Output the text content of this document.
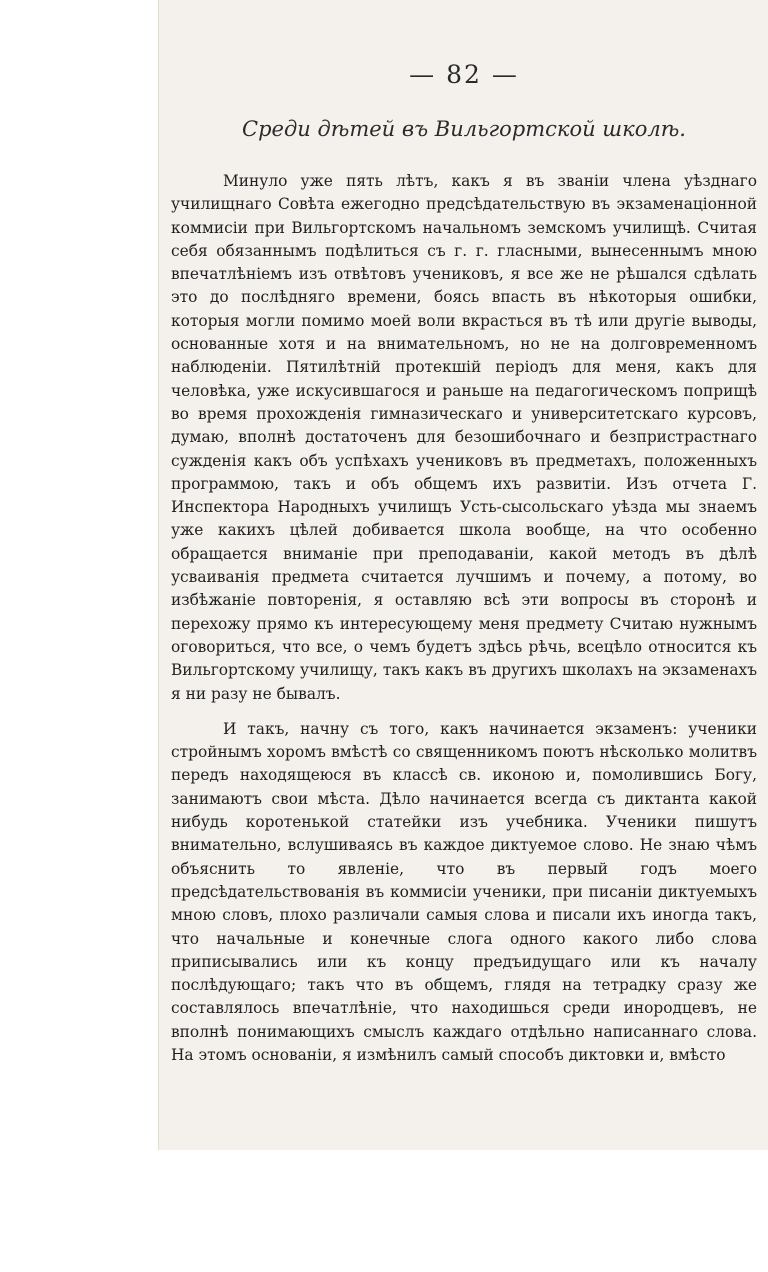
— 82 —
Среди дѣтей въ Вильгортской школѣ.

Минуло уже пять лѣтъ, какъ я въ званіи члена уѣзднаго училищнаго Совѣта ежегодно предсѣдательствую въ экзаменаціонной коммисіи при Вильгортскомъ начальномъ земскомъ училищѣ. Считая себя обязаннымъ подѣлиться съ г. г. гласными, вынесеннымъ мною впечатлѣніемъ изъ отвѣтовъ учениковъ, я все же не рѣшался сдѣлать это до послѣдняго времени, боясь впасть въ нѣкоторыя ошибки, которыя могли помимо моей воли вкрасться въ тѣ или другіе выводы, основанные хотя и на внимательномъ, но не на долговременномъ наблюденіи. Пятилѣтній протекшій періодъ для меня, какъ для человѣка, уже искусившагося и раньше на педагогическомъ поприщѣ во время прохожденія гимназическаго и университетскаго курсовъ, думаю, вполнѣ достаточенъ для безошибочнаго и безпристрастнаго сужденія какъ объ успѣхахъ учениковъ въ предметахъ, положенныхъ программою, такъ и объ общемъ ихъ развитіи. Изъ отчета Г. Инспектора Народныхъ училищъ Усть-сысольскаго уѣзда мы знаемъ уже какихъ цѣлей добивается школа вообще, на что особенно обращается вниманіе при преподаваніи, какой методъ въ дѣлѣ усваиванія предмета считается лучшимъ и почему, а потому, во избѣжаніе повторенія, я оставляю всѣ эти вопросы въ сторонѣ и перехожу прямо къ интересующему меня предмету Считаю нужнымъ оговориться, что все, о чемъ будетъ здѣсь рѣчь, всецѣло относится къ Вильгортскому училищу, такъ какъ въ другихъ школахъ на экзаменахъ я ни разу не бывалъ.

И такъ, начну съ того, какъ начинается экзаменъ: ученики стройнымъ хоромъ вмѣстѣ со священникомъ поютъ нѣсколько молитвъ передъ находящеюся въ классѣ св. иконою и, помолившись Богу, занимаютъ свои мѣста. Дѣло начинается всегда съ диктанта какой нибудь коротенькой статейки изъ учебника. Ученики пишутъ внимательно, вслушиваясь въ каждое диктуемое слово. Не знаю чѣмъ объяснить то явленіе, что въ первый годъ моего предсѣдательствованія въ коммисіи ученики, при писаніи диктуемыхъ мною словъ, плохо различали самыя слова и писали ихъ иногда такъ, что начальные и конечные слога одного какого либо слова приписывались или къ концу предъидущаго или къ началу послѣдующаго; такъ что въ общемъ, глядя на тетрадку сразу же составлялось впечатлѣніе, что находишься среди инородцевъ, не вполнѣ понимающихъ смыслъ каждаго отдѣльно написаннаго слова. На этомъ основаніи, я измѣнилъ самый способъ диктовки и, вмѣсто
